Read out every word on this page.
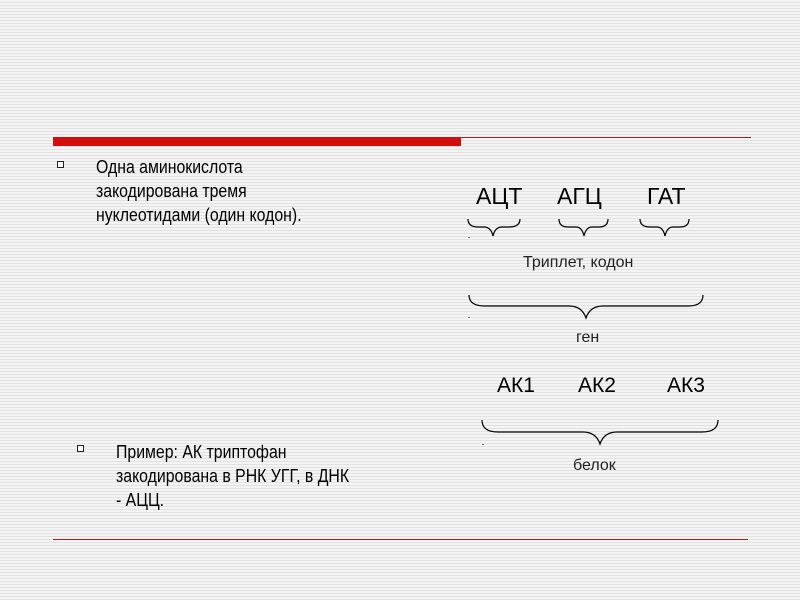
Одна аминокислота
закодирована тремя
нуклеотидами (один кодон).
Пример: АК триптофан
закодирована в РНК УГГ, в ДНК
- АЦЦ.
АЦТ АГЦ ГАТ
Триплет, кодон
ген
АК1 АК2 АК3
белок
